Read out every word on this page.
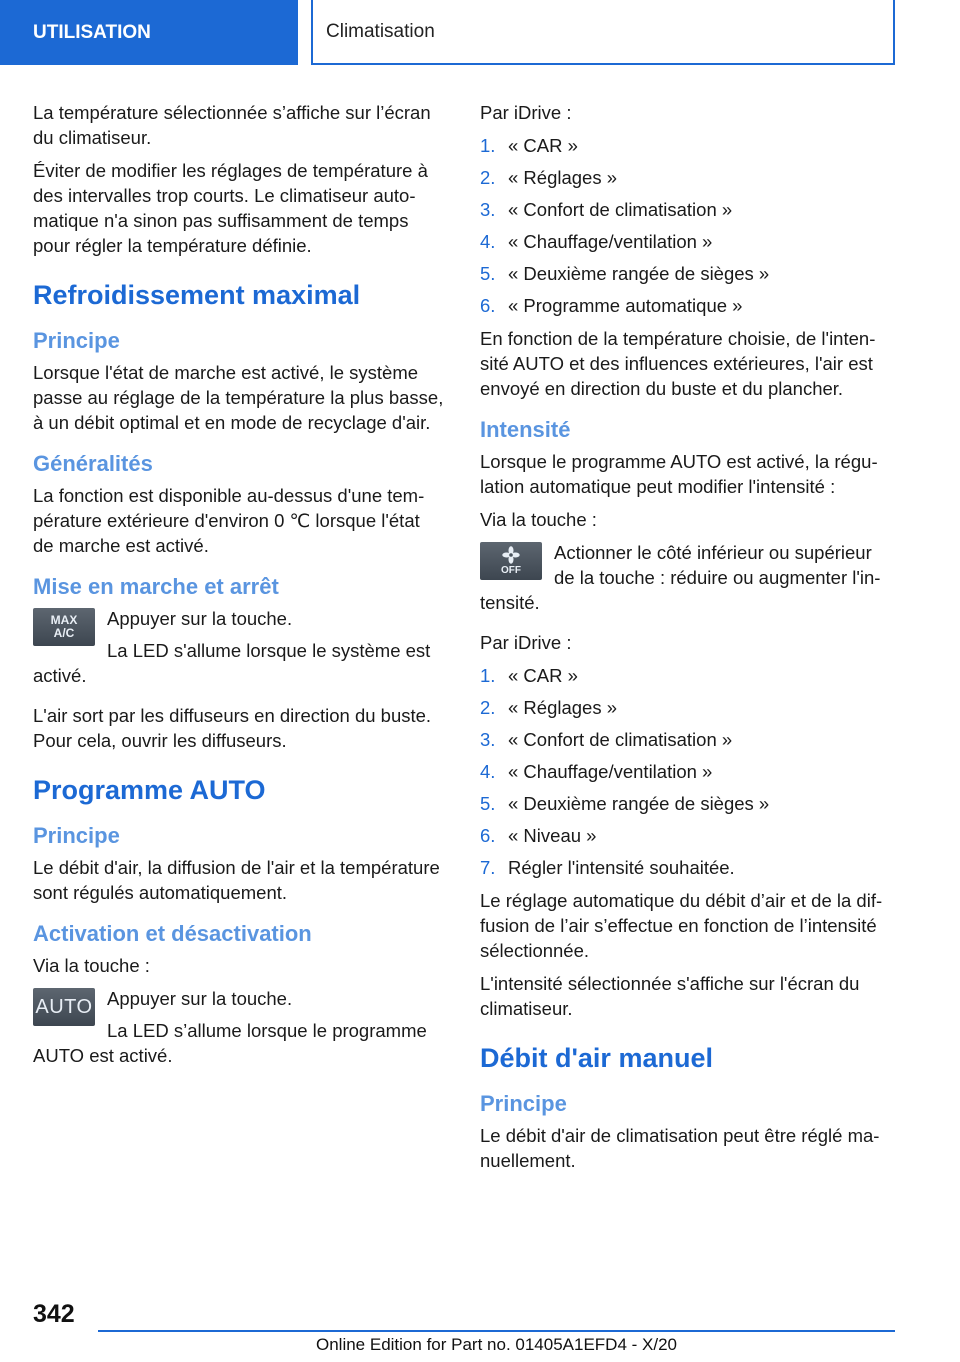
UTILISATION	Climatisation

La température sélectionnée s’affiche sur l’écran du climatiseur.

Éviter de modifier les réglages de température à des intervalles trop courts. Le climatiseur automatique n'a sinon pas suffisamment de temps pour régler la température définie.

Refroidissement maximal
Principe

Lorsque l'état de marche est activé, le système passe au réglage de la température la plus basse, à un débit optimal et en mode de recyclage d'air.

Généralités

La fonction est disponible au-dessus d'une température extérieure d'environ 0 ℃ lorsque l'état de marche est activé.

Mise en marche et arrêt
MAX
A/C

Appuyer sur la touche.

La LED s'allume lorsque le système est activé.

L'air sort par les diffuseurs en direction du buste. Pour cela, ouvrir les diffuseurs.

Programme AUTO
Principe

Le débit d'air, la diffusion de l'air et la température sont régulés automatiquement.

Activation et désactivation

Via la touche :

AUTO Appuyer sur la touche.

La LED s’allume lorsque le programme AUTO est activé.

Par iDrive :

1. « CAR »
2. « Réglages »
3. « Confort de climatisation »
4. « Chauffage/ventilation »
5. « Deuxième rangée de sièges »
6. « Programme automatique »

En fonction de la température choisie, de l'intensité AUTO et des influences extérieures, l'air est envoyé en direction du buste et du plancher.

Intensité

Lorsque le programme AUTO est activé, la régulation automatique peut modifier l'intensité :

Via la touche :

OFF

Actionner le côté inférieur ou supérieur de la touche : réduire ou augmenter l'intensité.

Par iDrive :

1. « CAR »
2. « Réglages »
3. « Confort de climatisation »
4. « Chauffage/ventilation »
5. « Deuxième rangée de sièges »
6. « Niveau »
7. Régler l'intensité souhaitée.

Le réglage automatique du débit d’air et de la diffusion de l’air s’effectue en fonction de l’intensité sélectionnée.

L'intensité sélectionnée s'affiche sur l'écran du climatiseur.

Débit d'air manuel
Principe

Le débit d'air de climatisation peut être réglé manuellement.

342
Online Edition for Part no. 01405A1EFD4 - X/20
